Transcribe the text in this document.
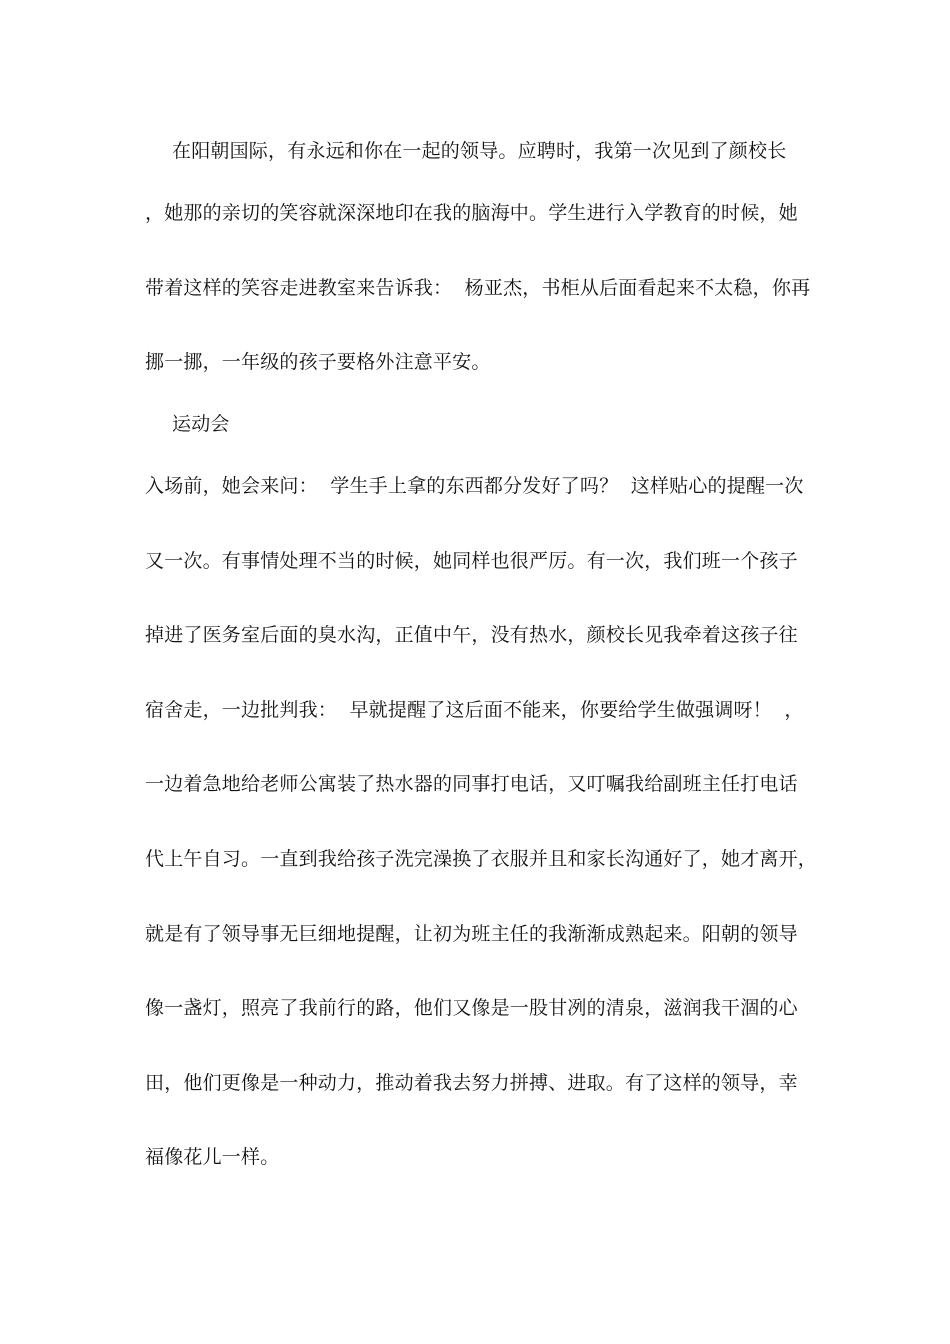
在阳朝国际，有永远和你在一起的领导。应聘时，我第一次见到了颜校长
，她那的亲切的笑容就深深地印在我的脑海中。学生进行入学教育的时候，她
带着这样的笑容走进教室来告诉我：  杨亚杰，书柜从后面看起来不太稳，你再
挪一挪，一年级的孩子要格外注意平安。
运动会
入场前，她会来问：  学生手上拿的东西都分发好了吗？  这样贴心的提醒一次
又一次。有事情处理不当的时候，她同样也很严厉。有一次，我们班一个孩子
掉进了医务室后面的臭水沟，正值中午，没有热水，颜校长见我牵着这孩子往
宿舍走，一边批判我：  早就提醒了这后面不能来，你要给学生做强调呀！  ，
一边着急地给老师公寓装了热水器的同事打电话，又叮嘱我给副班主任打电话
代上午自习。一直到我给孩子洗完澡换了衣服并且和家长沟通好了，她才离开，
就是有了领导事无巨细地提醒，让初为班主任的我渐渐成熟起来。阳朝的领导
像一盏灯，照亮了我前行的路，他们又像是一股甘冽的清泉，滋润我干涸的心
田，他们更像是一种动力，推动着我去努力拼搏、进取。有了这样的领导，幸
福像花儿一样。
